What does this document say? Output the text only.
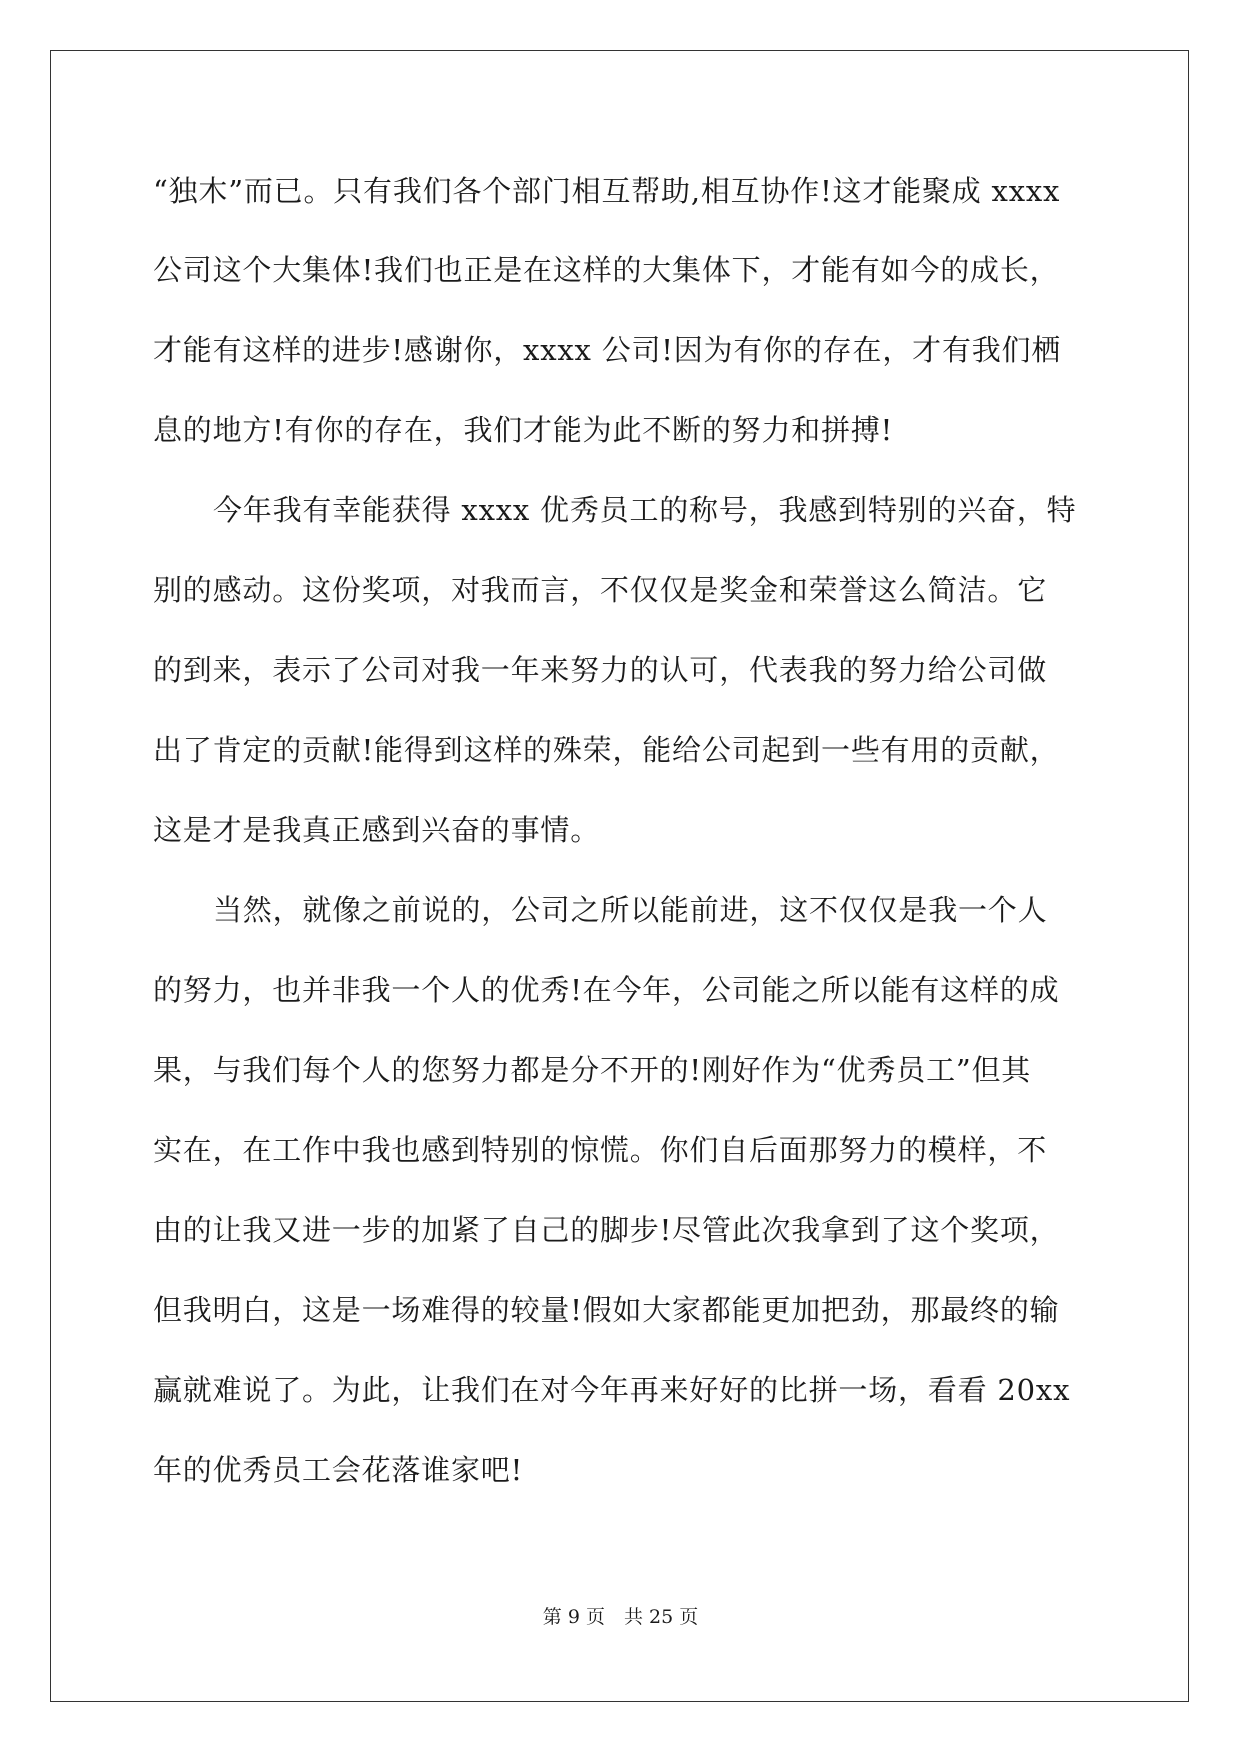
“独木”而已。只有我们各个部门相互帮助,相互协作!这才能聚成 xxxx
公司这个大集体!我们也正是在这样的大集体下，才能有如今的成长，
才能有这样的进步!感谢你，xxxx 公司!因为有你的存在，才有我们栖
息的地方!有你的存在，我们才能为此不断的努力和拼搏!
今年我有幸能获得 xxxx 优秀员工的称号，我感到特别的兴奋，特
别的感动。这份奖项，对我而言，不仅仅是奖金和荣誉这么简洁。它
的到来，表示了公司对我一年来努力的认可，代表我的努力给公司做
出了肯定的贡献!能得到这样的殊荣，能给公司起到一些有用的贡献，
这是才是我真正感到兴奋的事情。
当然，就像之前说的，公司之所以能前进，这不仅仅是我一个人
的努力，也并非我一个人的优秀!在今年，公司能之所以能有这样的成
果，与我们每个人的您努力都是分不开的!刚好作为“优秀员工”但其
实在，在工作中我也感到特别的惊慌。你们自后面那努力的模样，不
由的让我又进一步的加紧了自己的脚步!尽管此次我拿到了这个奖项，
但我明白，这是一场难得的较量!假如大家都能更加把劲，那最终的输
赢就难说了。为此，让我们在对今年再来好好的比拼一场，看看 20xx
年的优秀员工会花落谁家吧!
第 9 页　共 25 页
